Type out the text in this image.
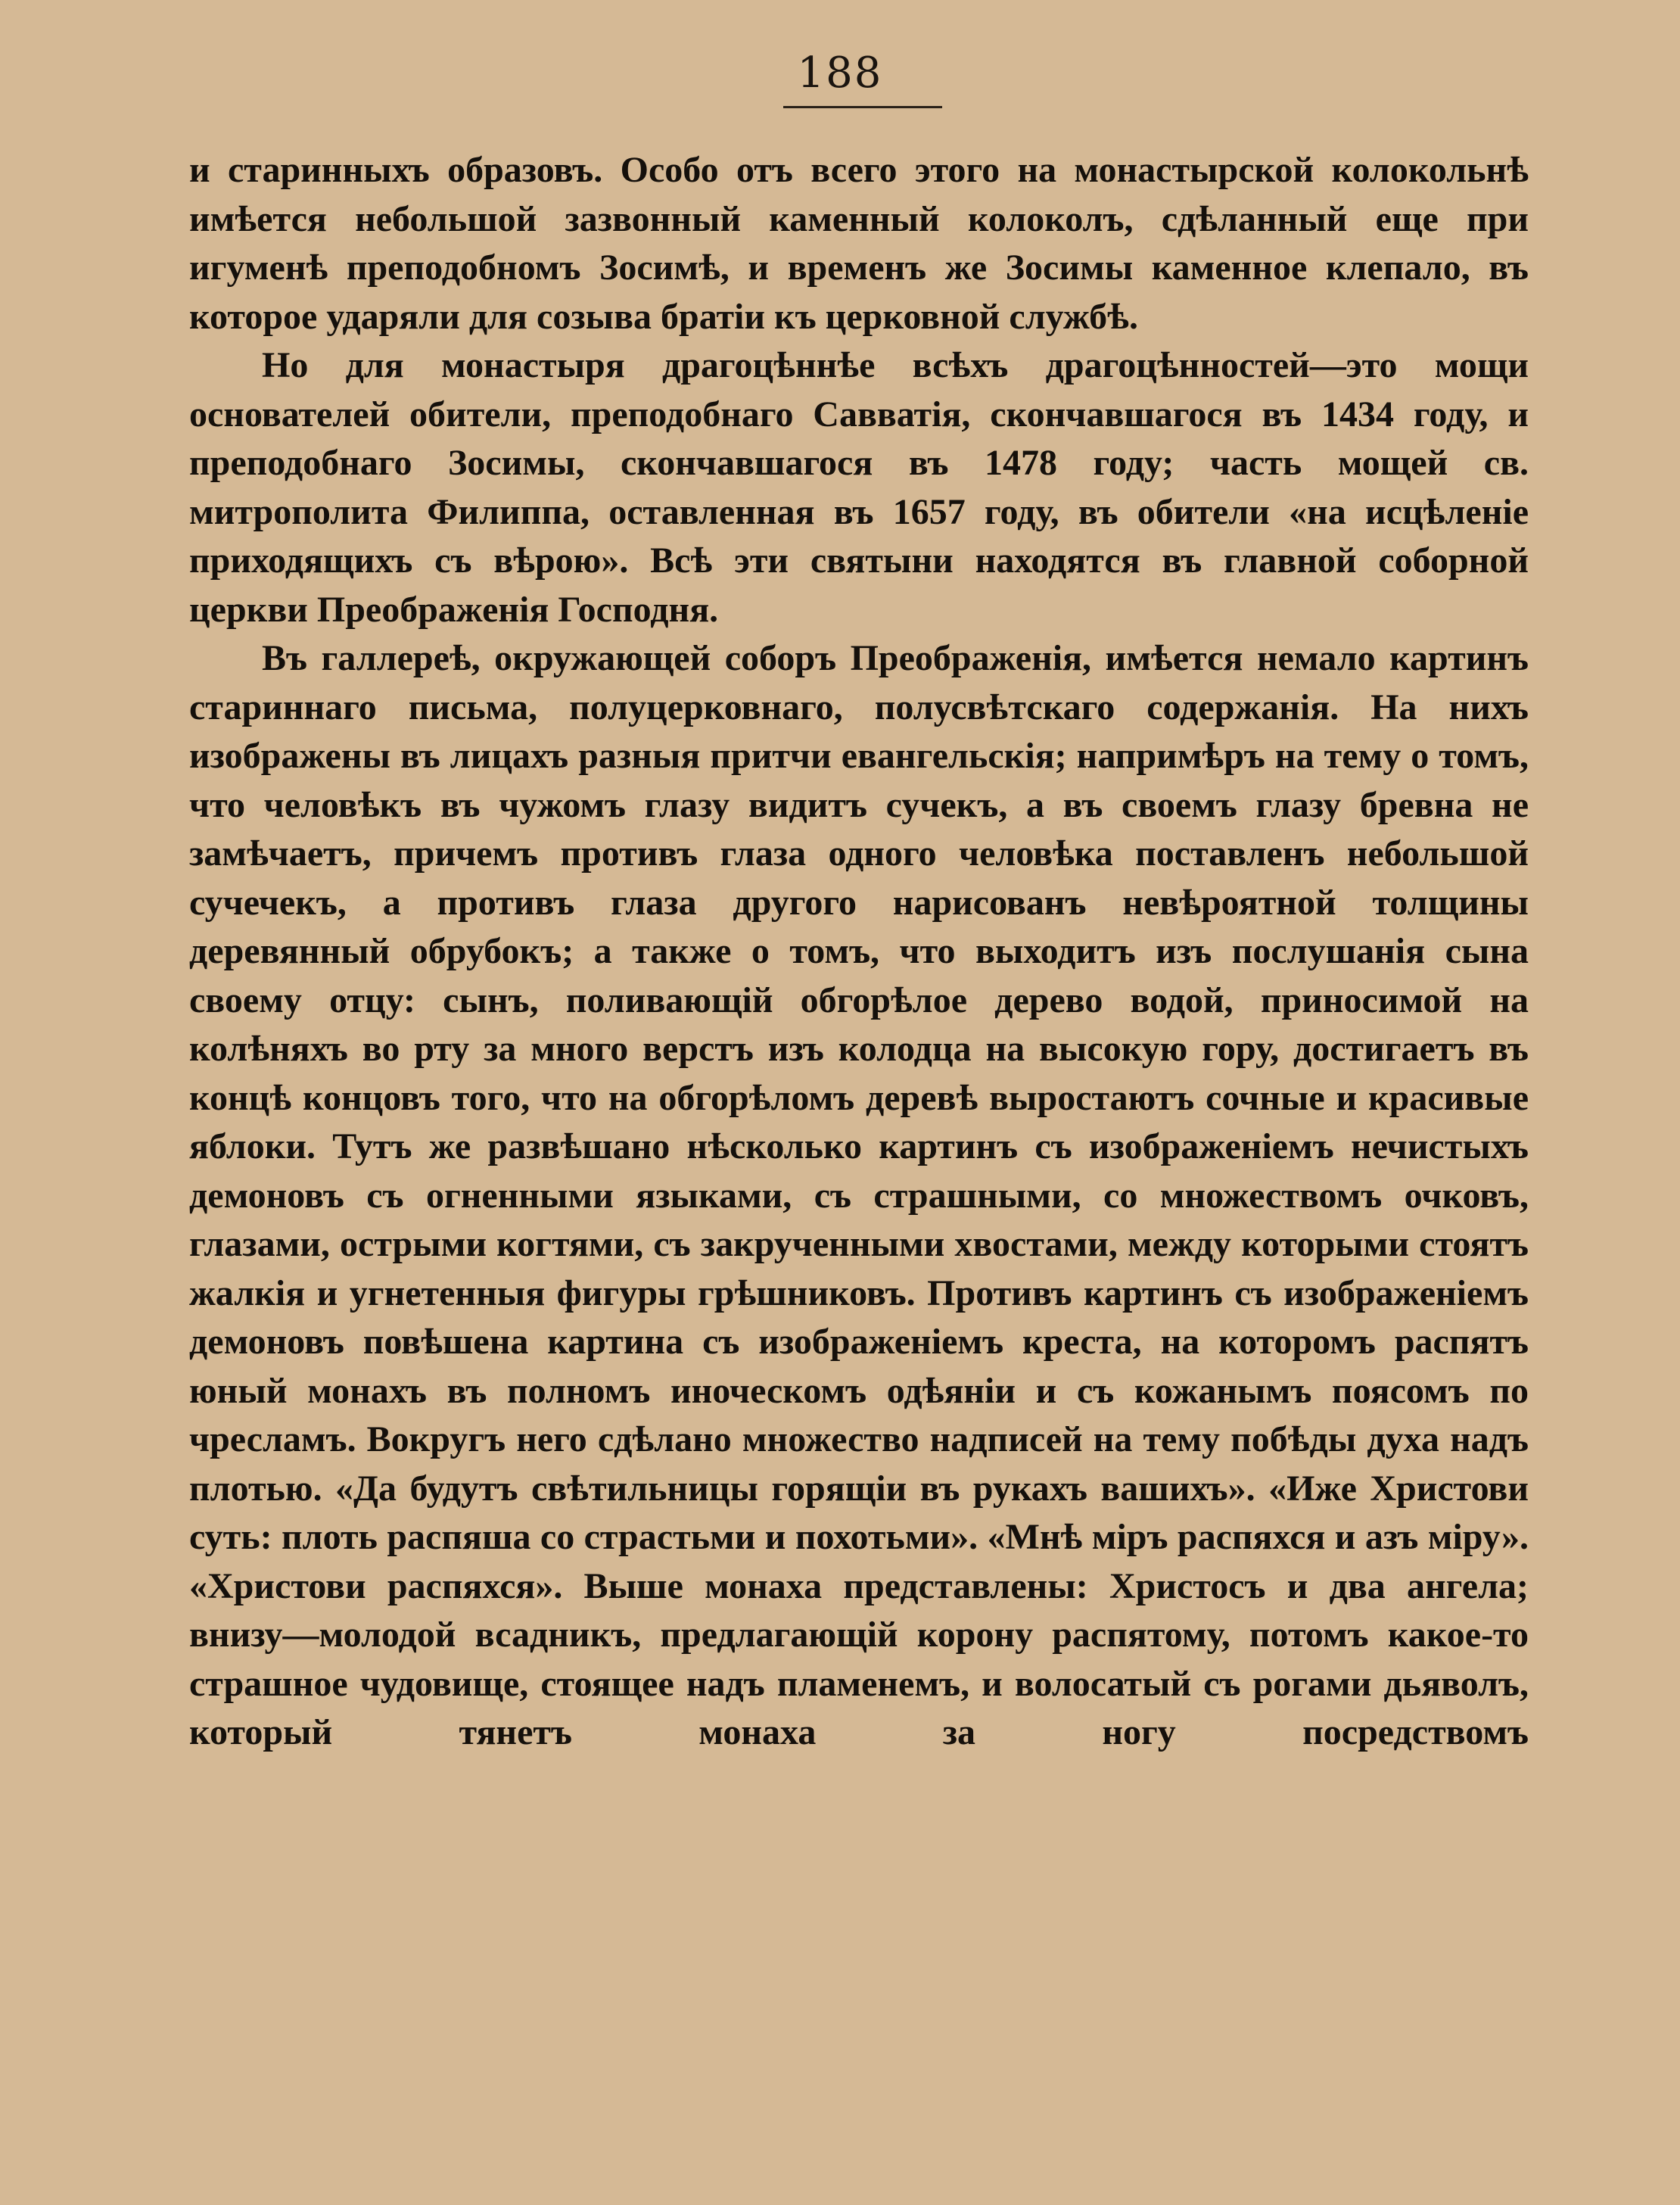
188

и старинныхъ образовъ. Особо отъ всего этого на монастырской колокольнѣ имѣется небольшой зазвонный каменный колоколъ, сдѣланный еще при игуменѣ преподобномъ Зосимѣ, и временъ же Зосимы каменное клепало, въ которое ударяли для созыва братіи къ церковной службѣ.

Но для монастыря драгоцѣннѣе всѣхъ драгоцѣнностей—это мощи основателей обители, преподобнаго Савватія, скончавшагося въ 1434 году, и преподобнаго Зосимы, скончавшагося въ 1478 году; часть мощей св. митрополита Филиппа, оставленная въ 1657 году, въ обители «на исцѣленіе приходящихъ съ вѣрою». Всѣ эти святыни находятся въ главной соборной церкви Преображенія Господня.

Въ галлереѣ, окружающей соборъ Преображенія, имѣется немало картинъ стариннаго письма, полуцерковнаго, полусвѣтскаго содержанія. На нихъ изображены въ лицахъ разныя притчи евангельскія; напримѣръ на тему о томъ, что человѣкъ въ чужомъ глазу видитъ сучекъ, а въ своемъ глазу бревна не замѣчаетъ, причемъ противъ глаза одного человѣка поставленъ небольшой сучечекъ, а противъ глаза другого нарисованъ невѣроятной толщины деревянный обрубокъ; а также о томъ, что выходитъ изъ послушанія сына своему отцу: сынъ, поливающій обгорѣлое дерево водой, приносимой на колѣняхъ во рту за много верстъ изъ колодца на высокую гору, достигаетъ въ концѣ концовъ того, что на обгорѣломъ деревѣ выростаютъ сочные и красивые яблоки. Тутъ же развѣшано нѣсколько картинъ съ изображеніемъ нечистыхъ демоновъ съ огненными языками, съ страшными, со множествомъ очковъ, глазами, острыми когтями, съ закрученными хвостами, между которыми стоятъ жалкія и угнетенныя фигуры грѣшниковъ. Противъ картинъ съ изображеніемъ демоновъ повѣшена картина съ изображеніемъ креста, на которомъ распятъ юный монахъ въ полномъ иноческомъ одѣяніи и съ кожанымъ поясомъ по чресламъ. Вокругъ него сдѣлано множество надписей на тему побѣды духа надъ плотью. «Да будутъ свѣтильницы горящіи въ рукахъ вашихъ». «Иже Христови суть: плоть распяша со страстьми и похотьми». «Мнѣ міръ распяхся и азъ міру». «Христови распяхся». Выше монаха представлены: Христосъ и два ангела; внизу—молодой всадникъ, предлагающій корону распятому, потомъ какое-то страшное чудовище, стоящее надъ пламенемъ, и волосатый съ рогами дьяволъ, который тянетъ монаха за ногу посредствомъ
